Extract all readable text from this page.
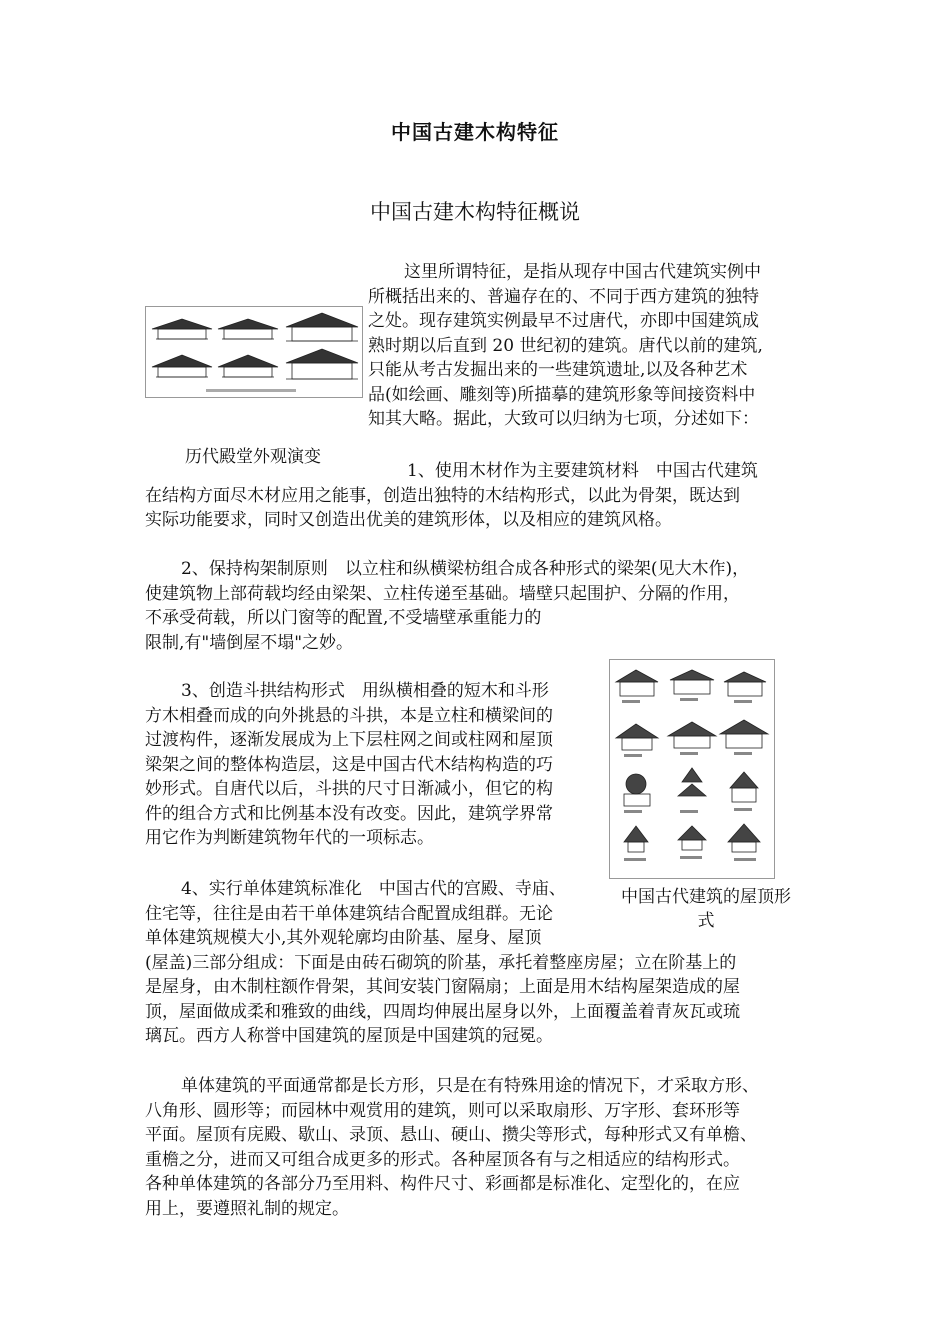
中国古建木构特征
中国古建木构特征概说
这里所谓特征，是指从现存中国古代建筑实例中
所概括出来的、普遍存在的、不同于西方建筑的独特
之处。现存建筑实例最早不过唐代，亦即中国建筑成
熟时期以后直到 20 世纪初的建筑。唐代以前的建筑,
只能从考古发掘出来的一些建筑遗址,以及各种艺术
品(如绘画、雕刻等)所描摹的建筑形象等间接资料中
知其大略。据此，大致可以归纳为七项，分述如下：
历代殿堂外观演变
1、使用木材作为主要建筑材料　中国古代建筑
在结构方面尽木材应用之能事，创造出独特的木结构形式，以此为骨架，既达到
实际功能要求，同时又创造出优美的建筑形体，以及相应的建筑风格。
2、保持构架制原则　以立柱和纵横梁枋组合成各种形式的梁架(见大木作)，
使建筑物上部荷载均经由梁架、立柱传递至基础。墙壁只起围护、分隔的作用，
不承受荷载，所以门窗等的配置,不受墙壁承重能力的
限制,有"墙倒屋不塌"之妙。
中国古代建筑的屋顶形
式
3、创造斗拱结构形式　用纵横相叠的短木和斗形
方木相叠而成的向外挑悬的斗拱，本是立柱和横梁间的
过渡构件，逐渐发展成为上下层柱网之间或柱网和屋顶
梁架之间的整体构造层，这是中国古代木结构构造的巧
妙形式。自唐代以后，斗拱的尺寸日渐减小，但它的构
件的组合方式和比例基本没有改变。因此，建筑学界常
用它作为判断建筑物年代的一项标志。
4、实行单体建筑标准化　中国古代的宫殿、寺庙、
住宅等，往往是由若干单体建筑结合配置成组群。无论
单体建筑规模大小,其外观轮廓均由阶基、屋身、屋顶
(屋盖)三部分组成：下面是由砖石砌筑的阶基，承托着整座房屋；立在阶基上的
是屋身，由木制柱额作骨架，其间安装门窗隔扇；上面是用木结构屋架造成的屋
顶，屋面做成柔和雅致的曲线，四周均伸展出屋身以外，上面覆盖着青灰瓦或琉
璃瓦。西方人称誉中国建筑的屋顶是中国建筑的冠冕。
单体建筑的平面通常都是长方形，只是在有特殊用途的情况下，才采取方形、
八角形、圆形等；而园林中观赏用的建筑，则可以采取扇形、万字形、套环形等
平面。屋顶有庑殿、歇山、录顶、悬山、硬山、攒尖等形式，每种形式又有单檐、
重檐之分，进而又可组合成更多的形式。各种屋顶各有与之相适应的结构形式。
各种单体建筑的各部分乃至用料、构件尺寸、彩画都是标准化、定型化的，在应
用上，要遵照礼制的规定。
